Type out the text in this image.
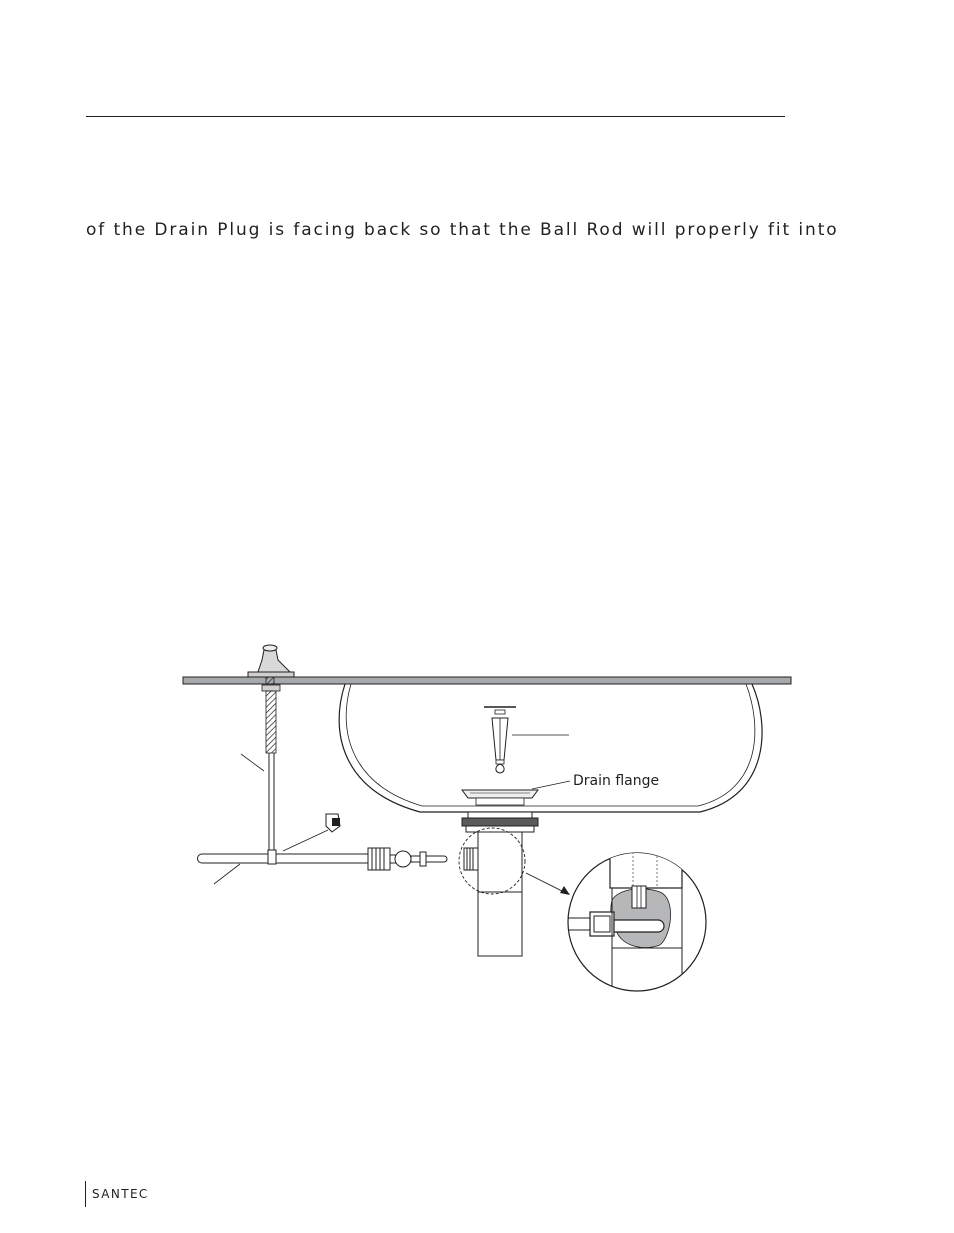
of the Drain Plug is facing back so that the Ball Rod will properly fit into
Drain flange
SANTEC
